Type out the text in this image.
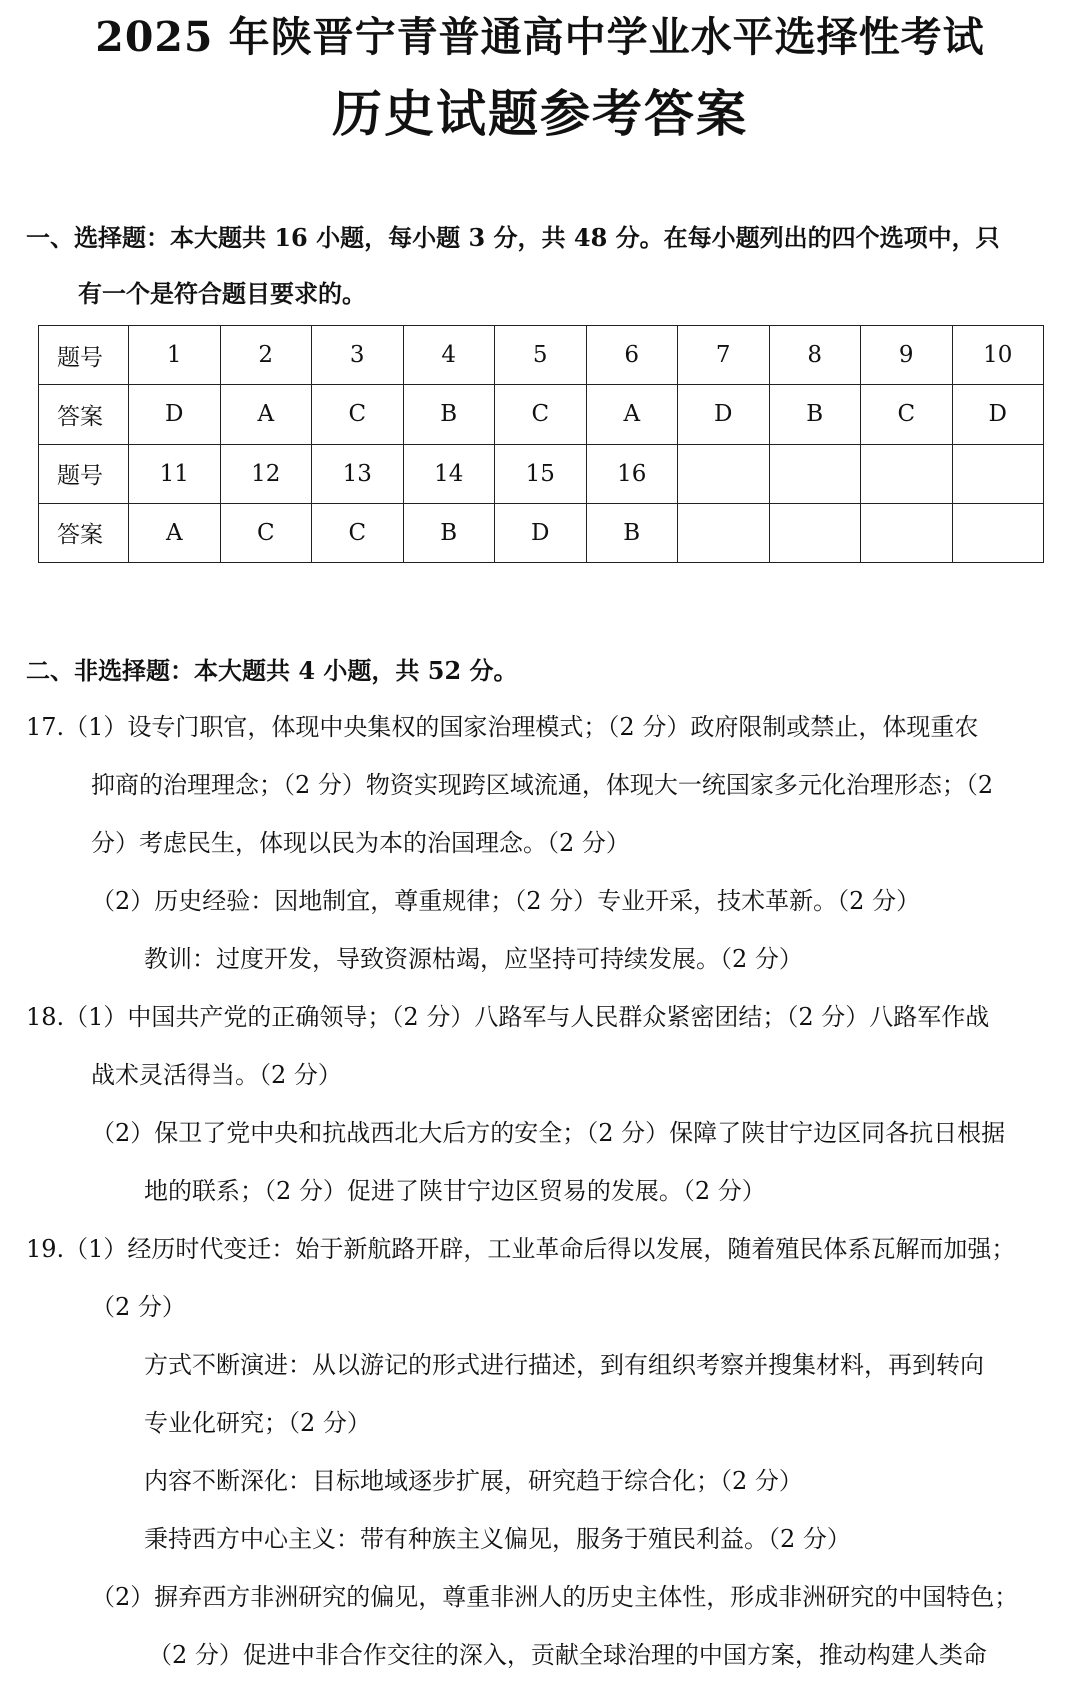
2025 年陕晋宁青普通高中学业水平选择性考试
历史试题参考答案
一、选择题：本大题共 16 小题，每小题 3 分，共 48 分。在每小题列出的四个选项中，只
有一个是符合题目要求的。
题号	1	2	3	4	5	6	7	8	9	10
答案	D	A	C	B	C	A	D	B	C	D
题号	11	12	13	14	15	16				
答案	A	C	C	B	D	B				
二、非选择题：本大题共 4 小题，共 52 分。
17.（1）设专门职官，体现中央集权的国家治理模式；（2 分）政府限制或禁止，体现重农
抑商的治理理念；（2 分）物资实现跨区域流通，体现大一统国家多元化治理形态；（2
分）考虑民生，体现以民为本的治国理念。（2 分）
（2）历史经验：因地制宜，尊重规律；（2 分）专业开采，技术革新。（2 分）
教训：过度开发，导致资源枯竭，应坚持可持续发展。（2 分）
18.（1）中国共产党的正确领导；（2 分）八路军与人民群众紧密团结；（2 分）八路军作战
战术灵活得当。（2 分）
（2）保卫了党中央和抗战西北大后方的安全；（2 分）保障了陕甘宁边区同各抗日根据
地的联系；（2 分）促进了陕甘宁边区贸易的发展。（2 分）
19.（1）经历时代变迁：始于新航路开辟，工业革命后得以发展，随着殖民体系瓦解而加强；
（2 分）
方式不断演进：从以游记的形式进行描述，到有组织考察并搜集材料，再到转向
专业化研究；（2 分）
内容不断深化：目标地域逐步扩展，研究趋于综合化；（2 分）
秉持西方中心主义：带有种族主义偏见，服务于殖民利益。（2 分）
（2）摒弃西方非洲研究的偏见，尊重非洲人的历史主体性，形成非洲研究的中国特色；
（2 分）促进中非合作交往的深入，贡献全球治理的中国方案，推动构建人类命
